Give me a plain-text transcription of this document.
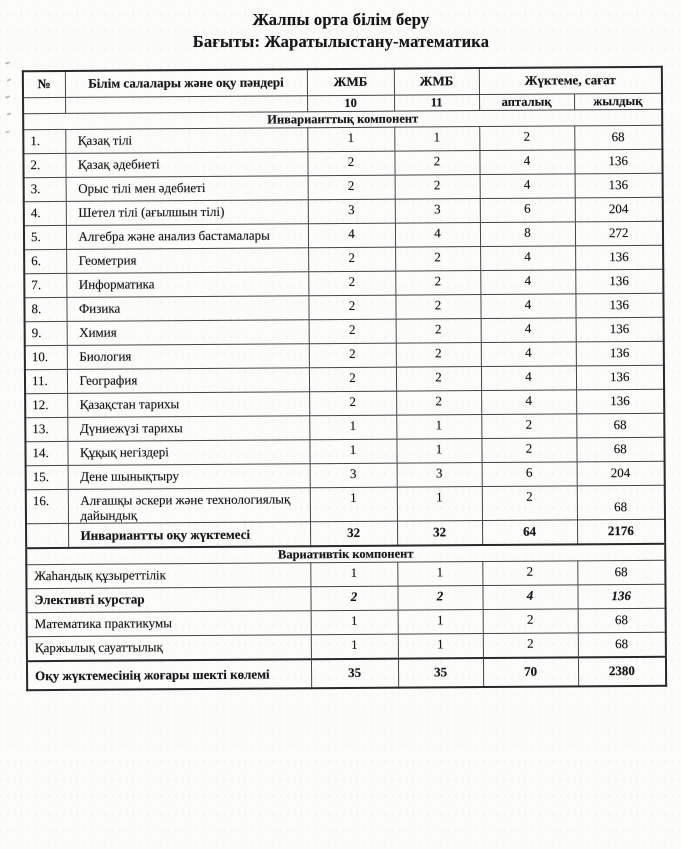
Жалпы орта білім беру
Бағыты: Жаратылыстану-математика
№	Білім салалары және оқу пәндері	ЖМБ	ЖМБ	Жүктеме, сағат	
		10	11	апталық	жылдық
Инварианттық компонент					
1.	Қазақ тілі	1	1	2	68
2.	Қазақ әдебиеті	2	2	4	136
3.	Орыс тілі мен әдебиеті	2	2	4	136
4.	Шетел тілі (ағылшын тілі)	3	3	6	204
5.	Алгебра және анализ бастамалары	4	4	8	272
6.	Геометрия	2	2	4	136
7.	Информатика	2	2	4	136
8.	Физика	2	2	4	136
9.	Химия	2	2	4	136
10.	Биология	2	2	4	136
11.	География	2	2	4	136
12.	Қазақстан тарихы	2	2	4	136
13.	Дүниежүзі тарихы	1	1	2	68
14.	Құқық негіздері	1	1	2	68
15.	Дене шынықтыру	3	3	6	204
16.	Алғашқы әскери және технологиялық дайындық	1	1	2	68
	Инвариантты оқу жүктемесі	32	32	64	2176
Вариативтік компонент					
Жаһандық құзыреттілік		1	1	2	68
Элективті курстар		2	2	4	136
Математика практикумы		1	1	2	68
Қаржылық сауаттылық		1	1	2	68
Оқу жүктемесінің жоғары шекті көлемі		35	35	70	2380
